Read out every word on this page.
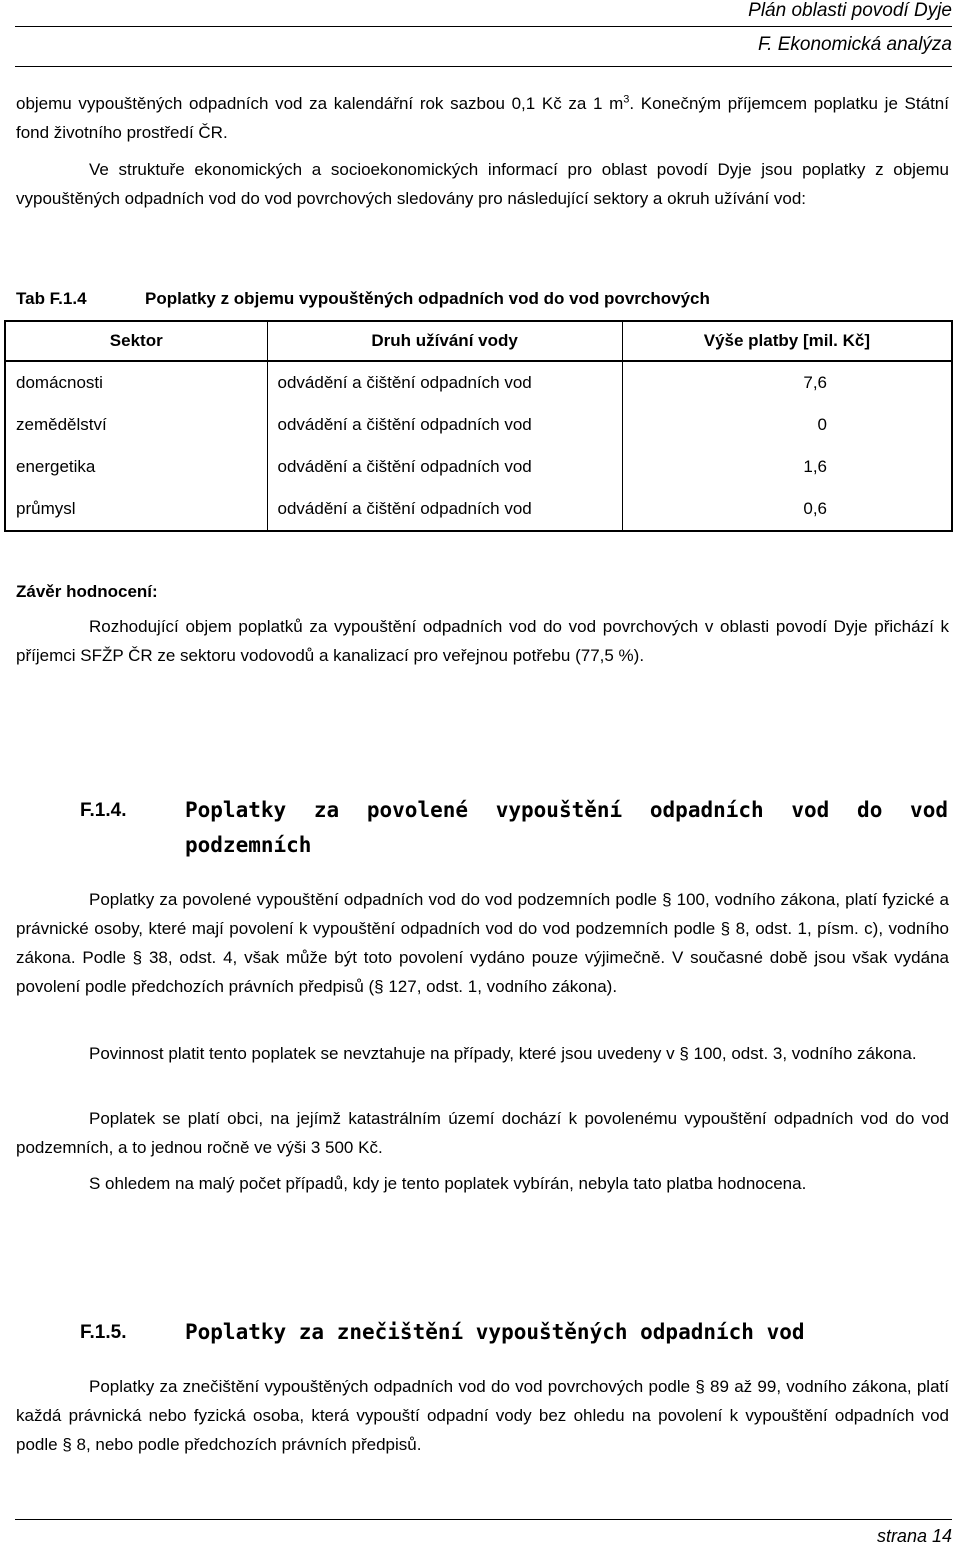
Plán oblasti povodí Dyje
F. Ekonomická analýza

objemu vypouštěných odpadních vod za kalendářní rok sazbou 0,1 Kč za 1 $m^3$. Konečným příjemcem poplatku je Státní fond životního prostředí ČR.

Ve struktuře ekonomických a socioekonomických informací pro oblast povodí Dyje jsou poplatky z objemu vypouštěných odpadních vod do vod povrchových sledovány pro následující sektory a okruh užívání vod:

Tab F.1.4	Poplatky z objemu vypouštěných odpadních vod do vod povrchových
Sektor	Druh užívání vody	Výše platby [mil. Kč]
domácnosti	odvádění a čištění odpadních vod	7,6
zemědělství	odvádění a čištění odpadních vod	0
energetika	odvádění a čištění odpadních vod	1,6
průmysl	odvádění a čištění odpadních vod	0,6
Závěr hodnocení:

Rozhodující objem poplatků za vypouštění odpadních vod do vod povrchových v oblasti povodí Dyje přichází k příjemci SFŽP ČR ze sektoru vodovodů a kanalizací pro veřejnou potřebu (77,5 %).

F.1.4.	Poplatky za povolené vypouštění odpadních vod do vod
podzemních

Poplatky za povolené vypouštění odpadních vod do vod podzemních podle § 100, vodního zákona, platí fyzické a právnické osoby, které mají povolení k vypouštění odpadních vod do vod podzemních podle § 8, odst. 1, písm. c), vodního zákona. Podle § 38, odst. 4, však může být toto povolení vydáno pouze výjimečně. V současné době jsou však vydána povolení podle předchozích právních předpisů (§ 127, odst. 1, vodního zákona).

Povinnost platit tento poplatek se nevztahuje na případy, které jsou uvedeny v § 100, odst. 3, vodního zákona.

Poplatek se platí obci, na jejímž katastrálním území dochází k povolenému vypouštění odpadních vod do vod podzemních, a to jednou ročně ve výši 3 500 Kč.

S ohledem na malý počet případů, kdy je tento poplatek vybírán, nebyla tato platba hodnocena.

F.1.5.	Poplatky za znečištění vypouštěných odpadních vod

Poplatky za znečištění vypouštěných odpadních vod do vod povrchových podle § 89 až 99, vodního zákona, platí každá právnická nebo fyzická osoba, která vypouští odpadní vody bez ohledu na povolení k vypouštění odpadních vod podle § 8, nebo podle předchozích právních předpisů.

strana 14
